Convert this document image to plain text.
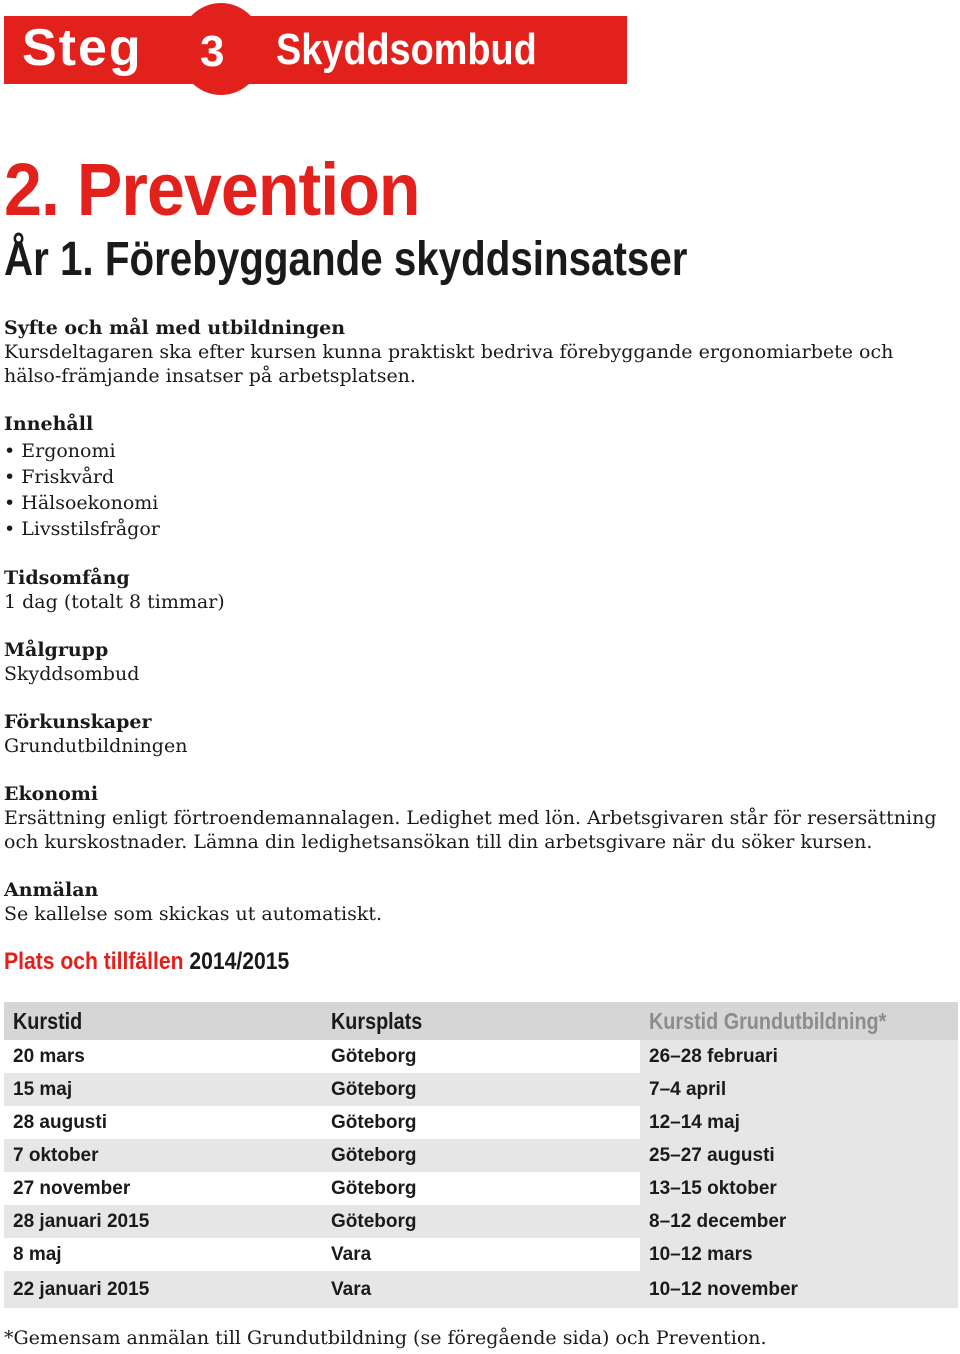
Steg 3 Skyddsombud
2. Prevention
År 1. Förebyggande skyddsinsatser
Syfte och mål med utbildningen
Kursdeltagaren ska efter kursen kunna praktiskt bedriva förebyggande ergonomiarbete och hälso-främjande insatser på arbetsplatsen.
Innehåll
• Ergonomi
• Friskvård
• Hälsoekonomi
• Livsstilsfrågor
Tidsomfång
1 dag (totalt 8 timmar)
Målgrupp
Skyddsombud
Förkunskaper
Grundutbildningen
Ekonomi
Ersättning enligt förtroendemannalagen. Ledighet med lön. Arbetsgivaren står för resersättning och kurskostnader. Lämna din ledighetsansökan till din arbetsgivare när du söker kursen.
Anmälan
Se kallelse som skickas ut automatiskt.
Plats och tillfällen 2014/2015
Kurstid	Kursplats	Kurstid Grundutbildning*
20 mars	Göteborg	26–28 februari
15 maj	Göteborg	7–4 april
28 augusti	Göteborg	12–14 maj
7 oktober	Göteborg	25–27 augusti
27 november	Göteborg	13–15 oktober
28 januari 2015	Göteborg	8–12 december
8 maj	Vara	10–12 mars
22 januari 2015	Vara	10–12 november
*Gemensam anmälan till Grundutbildning (se föregående sida) och Prevention.
